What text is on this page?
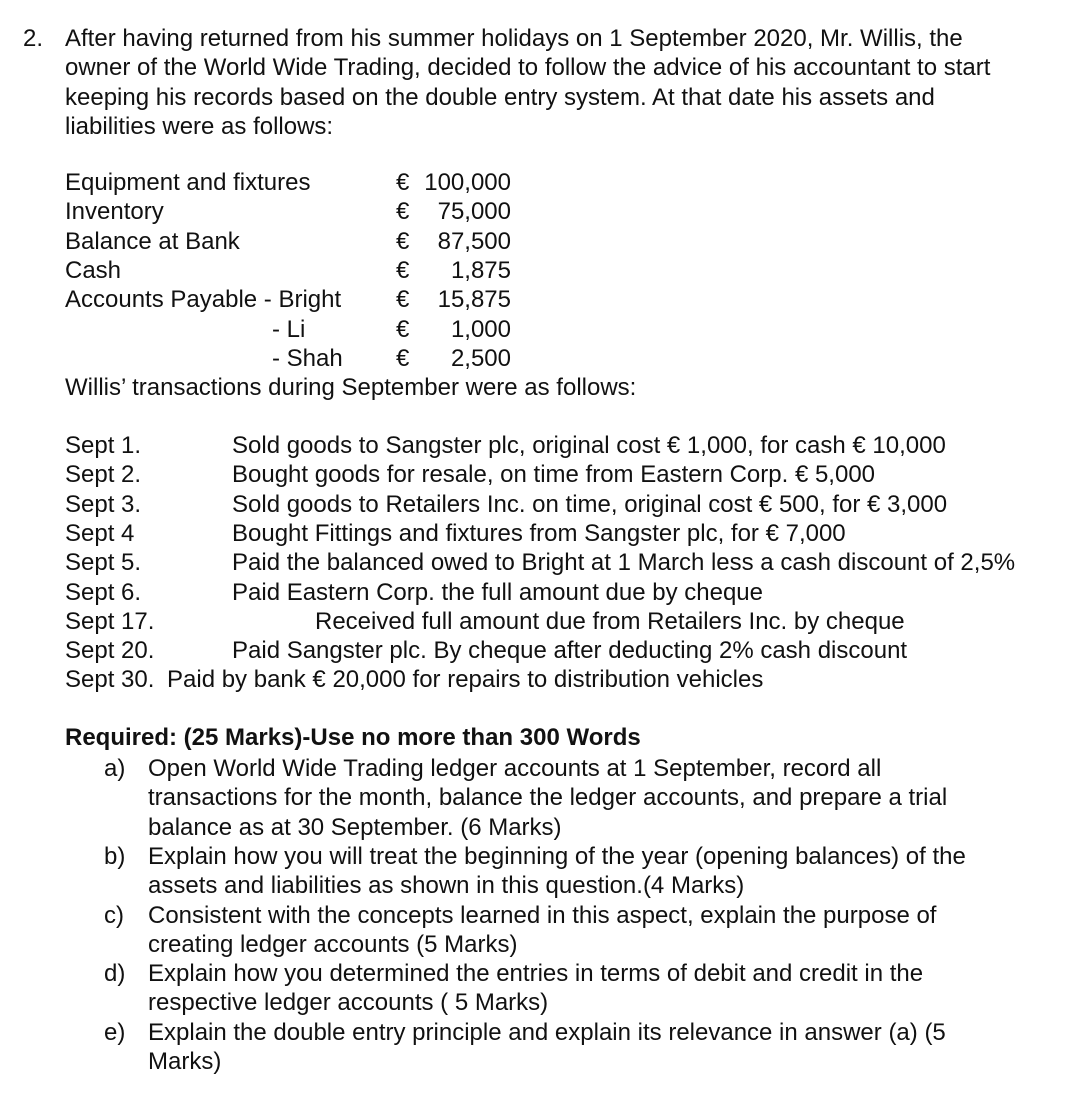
2. After having returned from his summer holidays on 1 September 2020, Mr. Willis, the
owner of the World Wide Trading, decided to follow the advice of his accountant to start
keeping his records based on the double entry system. At that date his assets and
liabilities were as follows:
Equipment and fixtures	€ 100,000
Inventory	€ 75,000
Balance at Bank	€ 87,500
Cash	€ 1,875
Accounts Payable - Bright € 15,875
- Li	€ 1,000
- Shah € 2,500
Willis’ transactions during September were as follows:
Sept 1.	Sold goods to Sangster plc, original cost € 1,000, for cash € 10,000
Sept 2.	Bought goods for resale, on time from Eastern Corp. € 5,000
Sept 3.	Sold goods to Retailers Inc. on time, original cost € 500, for € 3,000
Sept 4	Bought Fittings and fixtures from Sangster plc, for € 7,000
Sept 5.	Paid the balanced owed to Bright at 1 March less a cash discount of 2,5%
Sept 6.	Paid Eastern Corp. the full amount due by cheque
Sept 17.	Received full amount due from Retailers Inc. by cheque
Sept 20.	Paid Sangster plc. By cheque after deducting 2% cash discount
Sept 30. Paid by bank € 20,000 for repairs to distribution vehicles
Required: (25 Marks)-Use no more than 300 Words
a) Open World Wide Trading ledger accounts at 1 September, record all
transactions for the month, balance the ledger accounts, and prepare a trial
balance as at 30 September. (6 Marks)
b) Explain how you will treat the beginning of the year (opening balances) of the
assets and liabilities as shown in this question.(4 Marks)
c) Consistent with the concepts learned in this aspect, explain the purpose of
creating ledger accounts (5 Marks)
d) Explain how you determined the entries in terms of debit and credit in the
respective ledger accounts ( 5 Marks)
e) Explain the double entry principle and explain its relevance in answer (a) (5
Marks)
